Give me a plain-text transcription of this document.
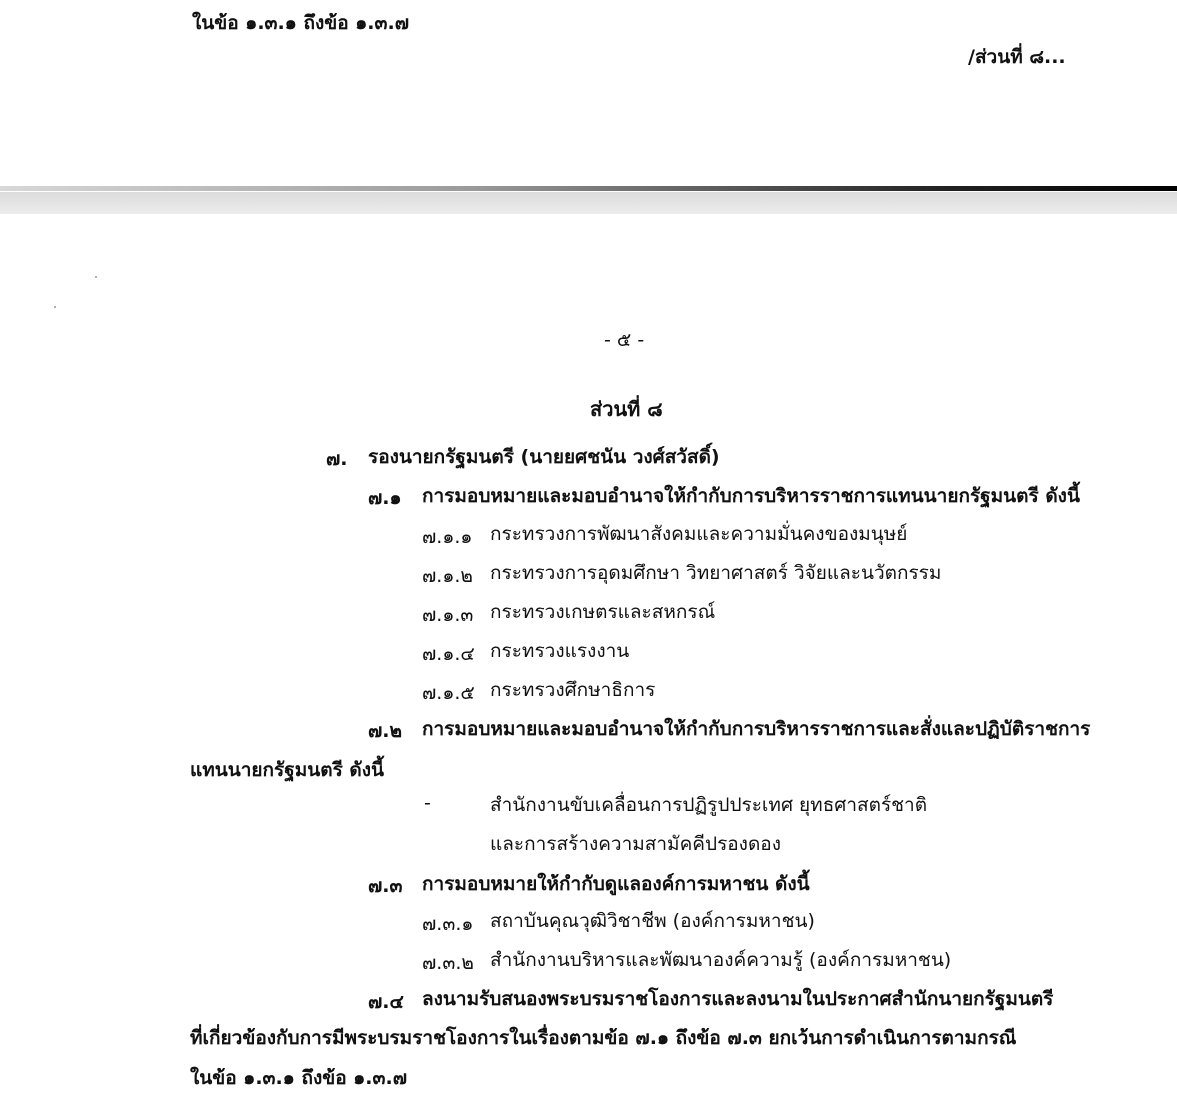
ในข้อ ๑.๓.๑ ถึงข้อ ๑.๓.๗
/ส่วนที่ ๘...
- ๕ -
ส่วนที่ ๘
๗. รองนายกรัฐมนตรี (นายยศชนัน วงศ์สวัสดิ์)
๗.๑ การมอบหมายและมอบอำนาจให้กำกับการบริหารราชการแทนนายกรัฐมนตรี ดังนี้
๗.๑.๑ กระทรวงการพัฒนาสังคมและความมั่นคงของมนุษย์
๗.๑.๒ กระทรวงการอุดมศึกษา วิทยาศาสตร์ วิจัยและนวัตกรรม
๗.๑.๓ กระทรวงเกษตรและสหกรณ์
๗.๑.๔ กระทรวงแรงงาน
๗.๑.๕ กระทรวงศึกษาธิการ
๗.๒ การมอบหมายและมอบอำนาจให้กำกับการบริหารราชการและสั่งและปฏิบัติราชการ
แทนนายกรัฐมนตรี ดังนี้
-	สำนักงานขับเคลื่อนการปฏิรูปประเทศ ยุทธศาสตร์ชาติ
และการสร้างความสามัคคีปรองดอง
๗.๓ การมอบหมายให้กำกับดูแลองค์การมหาชน ดังนี้
๗.๓.๑ สถาบันคุณวุฒิวิชาชีพ (องค์การมหาชน)
๗.๓.๒ สำนักงานบริหารและพัฒนาองค์ความรู้ (องค์การมหาชน)
๗.๔ ลงนามรับสนองพระบรมราชโองการและลงนามในประกาศสำนักนายกรัฐมนตรี
ที่เกี่ยวข้องกับการมีพระบรมราชโองการในเรื่องตามข้อ ๗.๑ ถึงข้อ ๗.๓ ยกเว้นการดำเนินการตามกรณี
ในข้อ ๑.๓.๑ ถึงข้อ ๑.๓.๗
